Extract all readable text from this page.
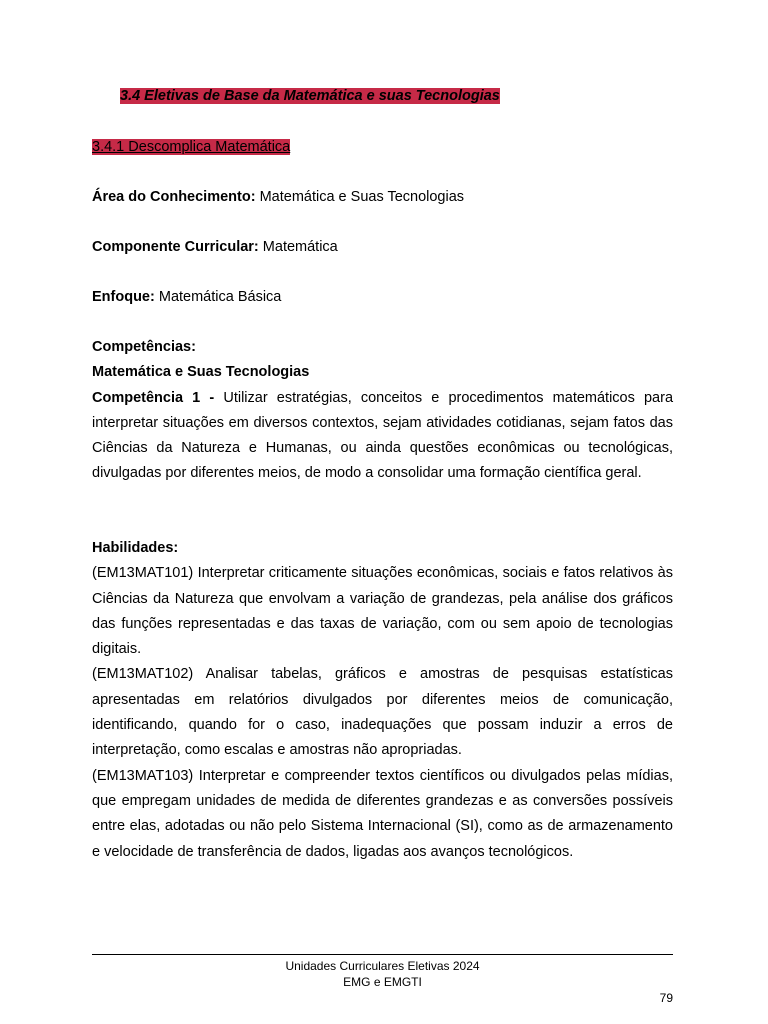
3.4 Eletivas de Base da Matemática e suas Tecnologias
3.4.1 Descomplica Matemática
Área do Conhecimento: Matemática e Suas Tecnologias
Componente Curricular: Matemática
Enfoque: Matemática Básica

Competências:

Matemática e Suas Tecnologias

Competência 1 - Utilizar estratégias, conceitos e procedimentos matemáticos para interpretar situações em diversos contextos, sejam atividades cotidianas, sejam fatos das Ciências da Natureza e Humanas, ou ainda questões econômicas ou tecnológicas, divulgadas por diferentes meios, de modo a consolidar uma formação científica geral.

Habilidades:

(EM13MAT101) Interpretar criticamente situações econômicas, sociais e fatos relativos às Ciências da Natureza que envolvam a variação de grandezas, pela análise dos gráficos das funções representadas e das taxas de variação, com ou sem apoio de tecnologias digitais.

(EM13MAT102) Analisar tabelas, gráficos e amostras de pesquisas estatísticas apresentadas em relatórios divulgados por diferentes meios de comunicação, identificando, quando for o caso, inadequações que possam induzir a erros de interpretação, como escalas e amostras não apropriadas.

(EM13MAT103) Interpretar e compreender textos científicos ou divulgados pelas mídias, que empregam unidades de medida de diferentes grandezas e as conversões possíveis entre elas, adotadas ou não pelo Sistema Internacional (SI), como as de armazenamento e velocidade de transferência de dados, ligadas aos avanços tecnológicos.

Unidades Curriculares Eletivas 2024
EMG e EMGTI
79
